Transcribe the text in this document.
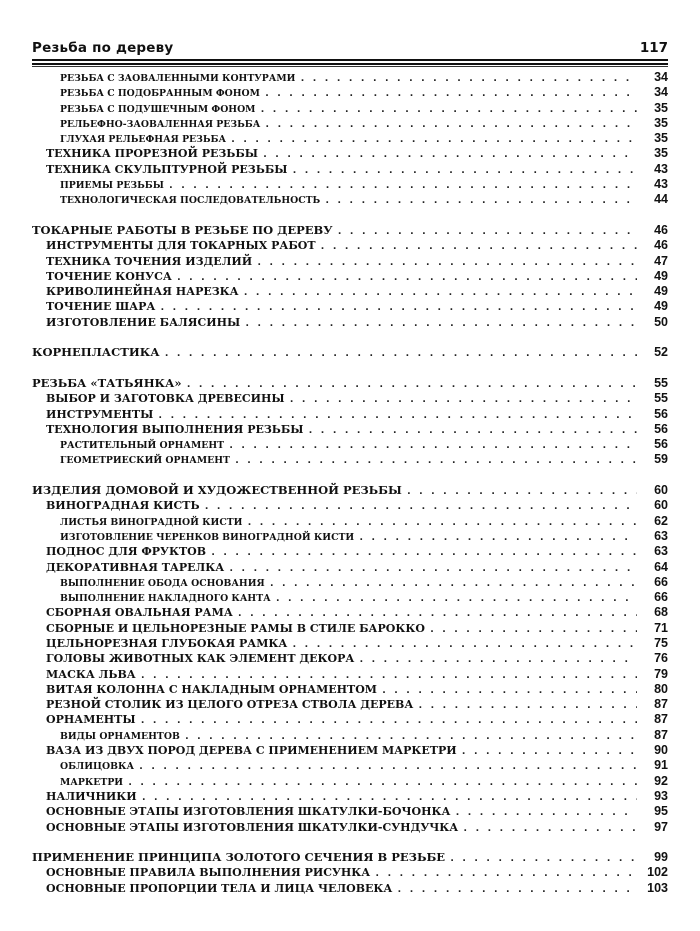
Резьба по дереву	117
РЕЗЬБА С ЗАОВАЛЕННЫМИ КОНТУРАМИ . . .	34
РЕЗЬБА С ПОДОБРАННЫМ ФОНОМ . . .	34
РЕЗЬБА С ПОДУШЕЧНЫМ ФОНОМ . . .	35
РЕЛЬЕФНО-ЗАОВАЛЕННАЯ РЕЗЬБА . . .	35
ГЛУХАЯ РЕЛЬЕФНАЯ РЕЗЬБА . . .	35
ТЕХНИКА ПРОРЕЗНОЙ РЕЗЬБЫ . . .	35
ТЕХНИКА СКУЛЬПТУРНОЙ РЕЗЬБЫ . . .	43
ПРИЕМЫ РЕЗЬБЫ . . .	43
ТЕХНОЛОГИЧЕСКАЯ ПОСЛЕДОВАТЕЛЬНОСТЬ . . .	44
ТОКАРНЫЕ РАБОТЫ В РЕЗЬБЕ ПО ДЕРЕВУ . . .	46
ИНСТРУМЕНТЫ ДЛЯ ТОКАРНЫХ РАБОТ . . .	46
ТЕХНИКА ТОЧЕНИЯ ИЗДЕЛИЙ . . .	47
ТОЧЕНИЕ КОНУСА . . .	49
КРИВОЛИНЕЙНАЯ НАРЕЗКА . . .	49
ТОЧЕНИЕ ШАРА . . .	49
ИЗГОТОВЛЕНИЕ БАЛЯСИНЫ . . .	50
КОРНЕПЛАСТИКА . . .	52
РЕЗЬБА «ТАТЬЯНКА» . . .	55
ВЫБОР И ЗАГОТОВКА ДРЕВЕСИНЫ . . .	55
ИНСТРУМЕНТЫ . . .	56
ТЕХНОЛОГИЯ ВЫПОЛНЕНИЯ РЕЗЬБЫ . . .	56
РАСТИТЕЛЬНЫЙ ОРНАМЕНТ . . .	56
ГЕОМЕТРИЕСКИЙ ОРНАМЕНТ . . .	59
ИЗДЕЛИЯ ДОМОВОЙ И ХУДОЖЕСТВЕННОЙ РЕЗЬБЫ . . .	60
ВИНОГРАДНАЯ КИСТЬ . . .	60
ЛИСТЬЯ ВИНОГРАДНОЙ КИСТИ . . .	62
ИЗГОТОВЛЕНИЕ ЧЕРЕНКОВ ВИНОГРАДНОЙ КИСТИ . . .	63
ПОДНОС ДЛЯ ФРУКТОВ . . .	63
ДЕКОРАТИВНАЯ ТАРЕЛКА . . .	64
ВЫПОЛНЕНИЕ ОБОДА ОСНОВАНИЯ . . .	66
ВЫПОЛНЕНИЕ НАКЛАДНОГО КАНТА . . .	66
СБОРНАЯ ОВАЛЬНАЯ РАМА . . .	68
СБОРНЫЕ И ЦЕЛЬНОРЕЗНЫЕ РАМЫ В СТИЛЕ БАРОККО . . .	71
ЦЕЛЬНОРЕЗНАЯ ГЛУБОКАЯ РАМКА . . .	75
ГОЛОВЫ ЖИВОТНЫХ КАК ЭЛЕМЕНТ ДЕКОРА . . .	76
МАСКА ЛЬВА . . .	79
ВИТАЯ КОЛОННА С НАКЛАДНЫМ ОРНАМЕНТОМ . . .	80
РЕЗНОЙ СТОЛИК ИЗ ЦЕЛОГО ОТРЕЗА СТВОЛА ДЕРЕВА . . .	87
ОРНАМЕНТЫ . . .	87
ВИДЫ ОРНАМЕНТОВ . . .	87
ВАЗА ИЗ ДВУХ ПОРОД ДЕРЕВА С ПРИМЕНЕНИЕМ МАРКЕТРИ . . .	90
ОБЛИЦОВКА . . .	91
МАРКЕТРИ . . .	92
НАЛИЧНИКИ . . .	93
ОСНОВНЫЕ ЭТАПЫ ИЗГОТОВЛЕНИЯ ШКАТУЛКИ-БОЧОНКА . . .	95
ОСНОВНЫЕ ЭТАПЫ ИЗГОТОВЛЕНИЯ ШКАТУЛКИ-СУНДУЧКА . . .	97
ПРИМЕНЕНИЕ ПРИНЦИПА ЗОЛОТОГО СЕЧЕНИЯ В РЕЗЬБЕ . . .	99
ОСНОВНЫЕ ПРАВИЛА ВЫПОЛНЕНИЯ РИСУНКА . . .	102
ОСНОВНЫЕ ПРОПОРЦИИ ТЕЛА И ЛИЦА ЧЕЛОВЕКА . . .	103
